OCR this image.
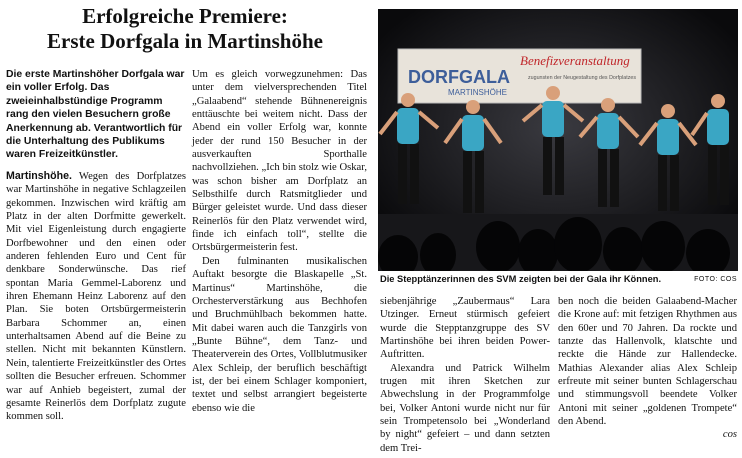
Erfolgreiche Premiere:
Erste Dorfgala in Martinshöhe

Die erste Martinshöher Dorfgala war ein voller Erfolg. Das zweieinhalbstündige Programm rang den vielen Besuchern große Anerkennung ab. Verantwortlich für die Unterhaltung des Publikums waren Freizeitkünstler.

Martinshöhe. Wegen des Dorfplatzes war Martinshöhe in negative Schlagzeilen gekommen. Inzwischen wird kräftig am Platz in der alten Dorfmitte gewerkelt. Mit viel Eigenleistung durch engagierte Dorfbewohner und den einen oder anderen fehlenden Euro und Cent für denkbare Sonderwünsche. Das rief spontan Maria Gemmel-Laborenz und ihren Ehemann Heinz Laborenz auf den Plan. Sie boten Ortsbürgermeisterin Barbara Schommer an, einen unterhaltsamen Abend auf die Beine zu stellen. Nicht mit bekannten Künstlern. Nein, talentierte Freizeitkünstler des Ortes sollten die Besucher erfreuen. Schommer war auf Anhieb begeistert, zumal der gesamte Reinerlös dem Dorfplatz zugute kommen soll.

Um es gleich vorwegzunehmen: Das unter dem vielversprechenden Titel „Galaabend“ stehende Bühnenereignis enttäuschte bei weitem nicht. Dass der Abend ein voller Erfolg war, konnte jeder der rund 150 Besucher in der ausverkauften Sporthalle nachvollziehen. „Ich bin stolz wie Oskar, was schon bisher am Dorfplatz an Selbsthilfe durch Ratsmitglieder und Bürger geleistet wurde. Und dass dieser Reinerlös für den Platz verwendet wird, finde ich einfach toll“, stellte die Ortsbürgermeisterin fest.

Den fulminanten musikalischen Auftakt besorgte die Blaskapelle „St. Martinus“ Martinshöhe, die Orchesterverstärkung aus Bechhofen und Bruchmühlbach bekommen hatte. Mit dabei waren auch die Tanzgirls von „Bunte Bühne“, dem Tanz- und Theaterverein des Ortes, Vollblutmusiker Alex Schleip, der beruflich beschäftigt ist, der bei einem Schlager komponiert, textet und selbst arrangiert begeisterte ebenso wie die

DORFGALA
MARTINSHÖHE
Benefizveranstaltung
zugunsten der Neugestaltung des Dorfplatzes
Die Stepptänzerinnen des SVM zeigten bei der Gala ihr Können.	FOTO: COS

siebenjährige „Zaubermaus“ Lara Utzinger. Erneut stürmisch gefeiert wurde die Stepptanzgruppe des SV Martinshöhe bei ihren beiden Power-Auftritten.

Alexandra und Patrick Wilhelm trugen mit ihren Sketchen zur Abwechslung in der Programmfolge bei, Volker Antoni wurde nicht nur für sein Trompetensolo bei „Wonderland by night“ gefeiert – und dann setzten dem Trei-

ben noch die beiden Galaabend-Macher die Krone auf: mit fetzigen Rhythmen aus den 60er und 70 Jahren. Da rockte und tanzte das Hallenvolk, klatschte und reckte die Hände zur Hallendecke. Mathias Alexander alias Alex Schleip erfreute mit seiner bunten Schlagerschau und stimmungsvoll beendete Volker Antoni mit seiner „goldenen Trompete“ den Abend.

cos
